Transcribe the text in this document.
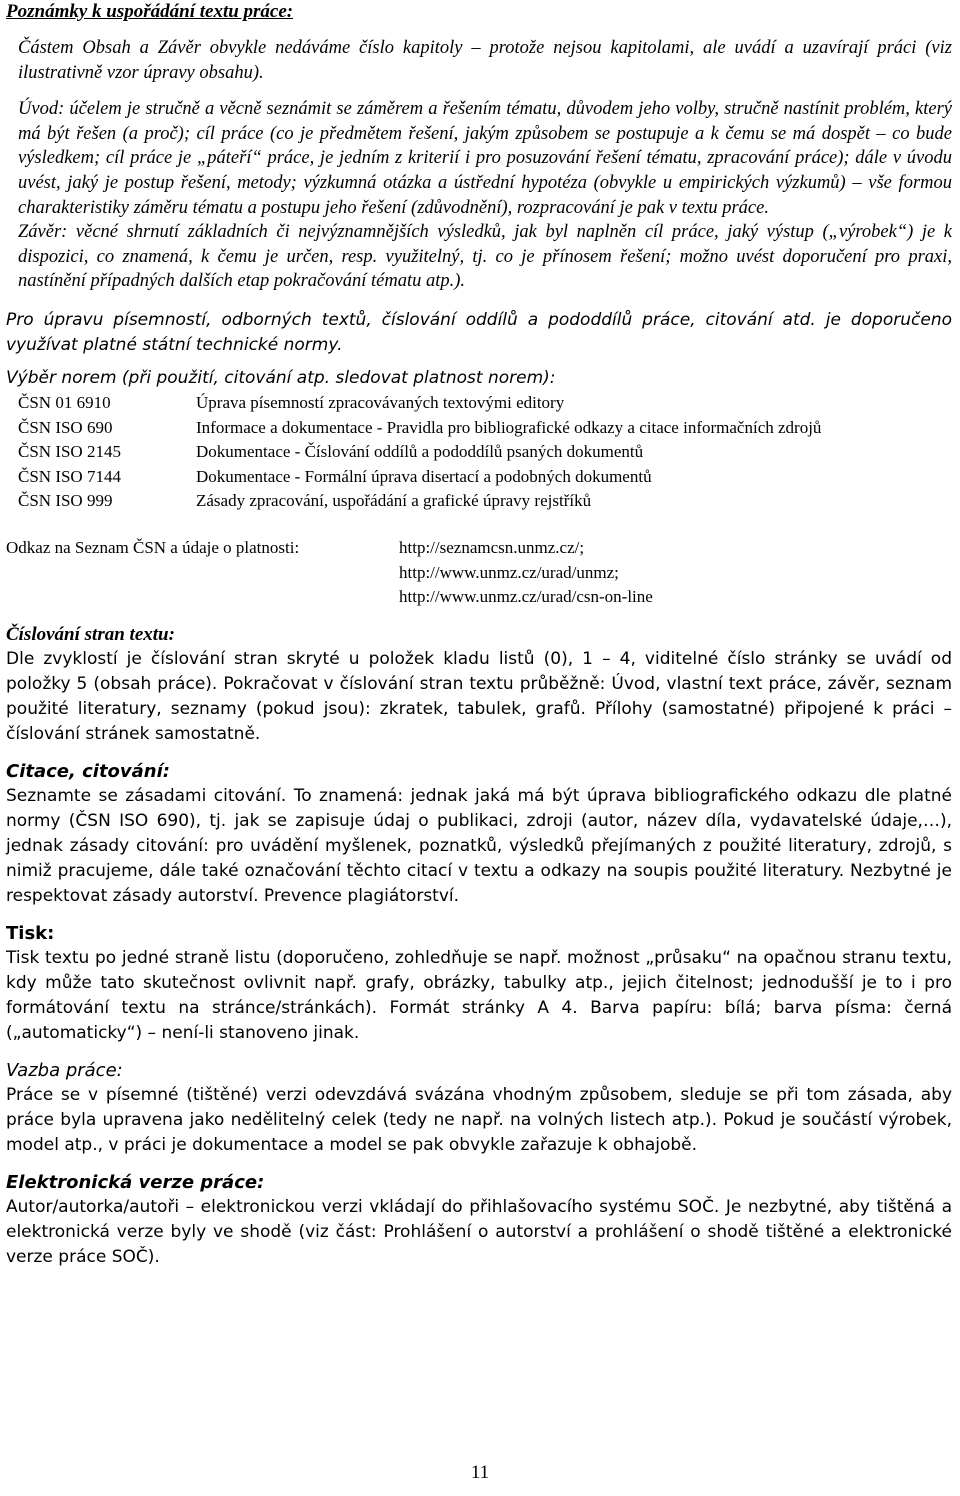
Poznámky k uspořádání textu práce:

Částem Obsah a Závěr obvykle nedáváme číslo kapitoly – protože nejsou kapitolami, ale uvádí a uzavírají práci (viz ilustrativně vzor úpravy obsahu).

Úvod: účelem je stručně a věcně seznámit se záměrem a řešením tématu, důvodem jeho volby, stručně nastínit problém, který má být řešen (a proč); cíl práce (co je předmětem řešení, jakým způsobem se postupuje a k čemu se má dospět – co bude výsledkem; cíl práce je „páteří“ práce, je jedním z kriterií i pro posuzování řešení tématu, zpracování práce); dále v úvodu uvést, jaký je postup řešení, metody; výzkumná otázka a ústřední hypotéza (obvykle u empirických výzkumů) – vše formou charakteristiky záměru tématu a postupu jeho řešení (zdůvodnění), rozpracování je pak v textu práce.

Závěr: věcné shrnutí základních či nejvýznamnějších výsledků, jak byl naplněn cíl práce, jaký výstup („výrobek“) je k dispozici, co znamená, k čemu je určen, resp. využitelný, tj. co je přínosem řešení; možno uvést doporučení pro praxi, nastínění případných dalších etap pokračování tématu atp.).

Pro úpravu písemností, odborných textů, číslování oddílů a pododdílů práce, citování atd. je doporučeno využívat platné státní technické normy.

Výběr norem (při použití, citování atp. sledovat platnost norem):

ČSN 01 6910	Úprava písemností zpracovávaných textovými editory
ČSN ISO 690	Informace a dokumentace - Pravidla pro bibliografické odkazy a citace informačních zdrojů
ČSN ISO 2145	Dokumentace - Číslování oddílů a pododdílů psaných dokumentů
ČSN ISO 7144	Dokumentace - Formální úprava disertací a podobných dokumentů
ČSN ISO 999	Zásady zpracování, uspořádání a grafické úpravy rejstříků
Odkaz na Seznam ČSN a údaje o platnosti:	http://seznamcsn.unmz.cz/;
http://www.unmz.cz/urad/unmz;
http://www.unmz.cz/urad/csn-on-line

Číslování stran textu:

Dle zvyklostí je číslování stran skryté u položek kladu listů (0), 1 – 4, viditelné číslo stránky se uvádí od položky 5 (obsah práce). Pokračovat v číslování stran textu průběžně: Úvod, vlastní text práce, závěr, seznam použité literatury, seznamy (pokud jsou): zkratek, tabulek, grafů. Přílohy (samostatné) připojené k práci – číslování stránek samostatně.

Citace, citování:

Seznamte se zásadami citování. To znamená: jednak jaká má být úprava bibliografického odkazu dle platné normy (ČSN ISO 690), tj. jak se zapisuje údaj o publikaci, zdroji (autor, název díla, vydavatelské údaje,…), jednak zásady citování: pro uvádění myšlenek, poznatků, výsledků přejímaných z použité literatury, zdrojů, s nimiž pracujeme, dále také označování těchto citací v textu a odkazy na soupis použité literatury. Nezbytné je respektovat zásady autorství. Prevence plagiátorství.

Tisk:

Tisk textu po jedné straně listu (doporučeno, zohledňuje se např. možnost „průsaku“ na opačnou stranu textu, kdy může tato skutečnost ovlivnit např. grafy, obrázky, tabulky atp., jejich čitelnost; jednodušší je to i pro formátování textu na stránce/stránkách). Formát stránky A 4. Barva papíru: bílá; barva písma: černá („automaticky“) – není-li stanoveno jinak.

Vazba práce:

Práce se v písemné (tištěné) verzi odevzdává svázána vhodným způsobem, sleduje se při tom zásada, aby práce byla upravena jako nedělitelný celek (tedy ne např. na volných listech atp.). Pokud je součástí výrobek, model atp., v práci je dokumentace a model se pak obvykle zařazuje k obhajobě.

Elektronická verze práce:

Autor/autorka/autoři – elektronickou verzi vkládají do přihlašovacího systému SOČ. Je nezbytné, aby tištěná a elektronická verze byly ve shodě (viz část: Prohlášení o autorství a prohlášení o shodě tištěné a elektronické verze práce SOČ).

11
